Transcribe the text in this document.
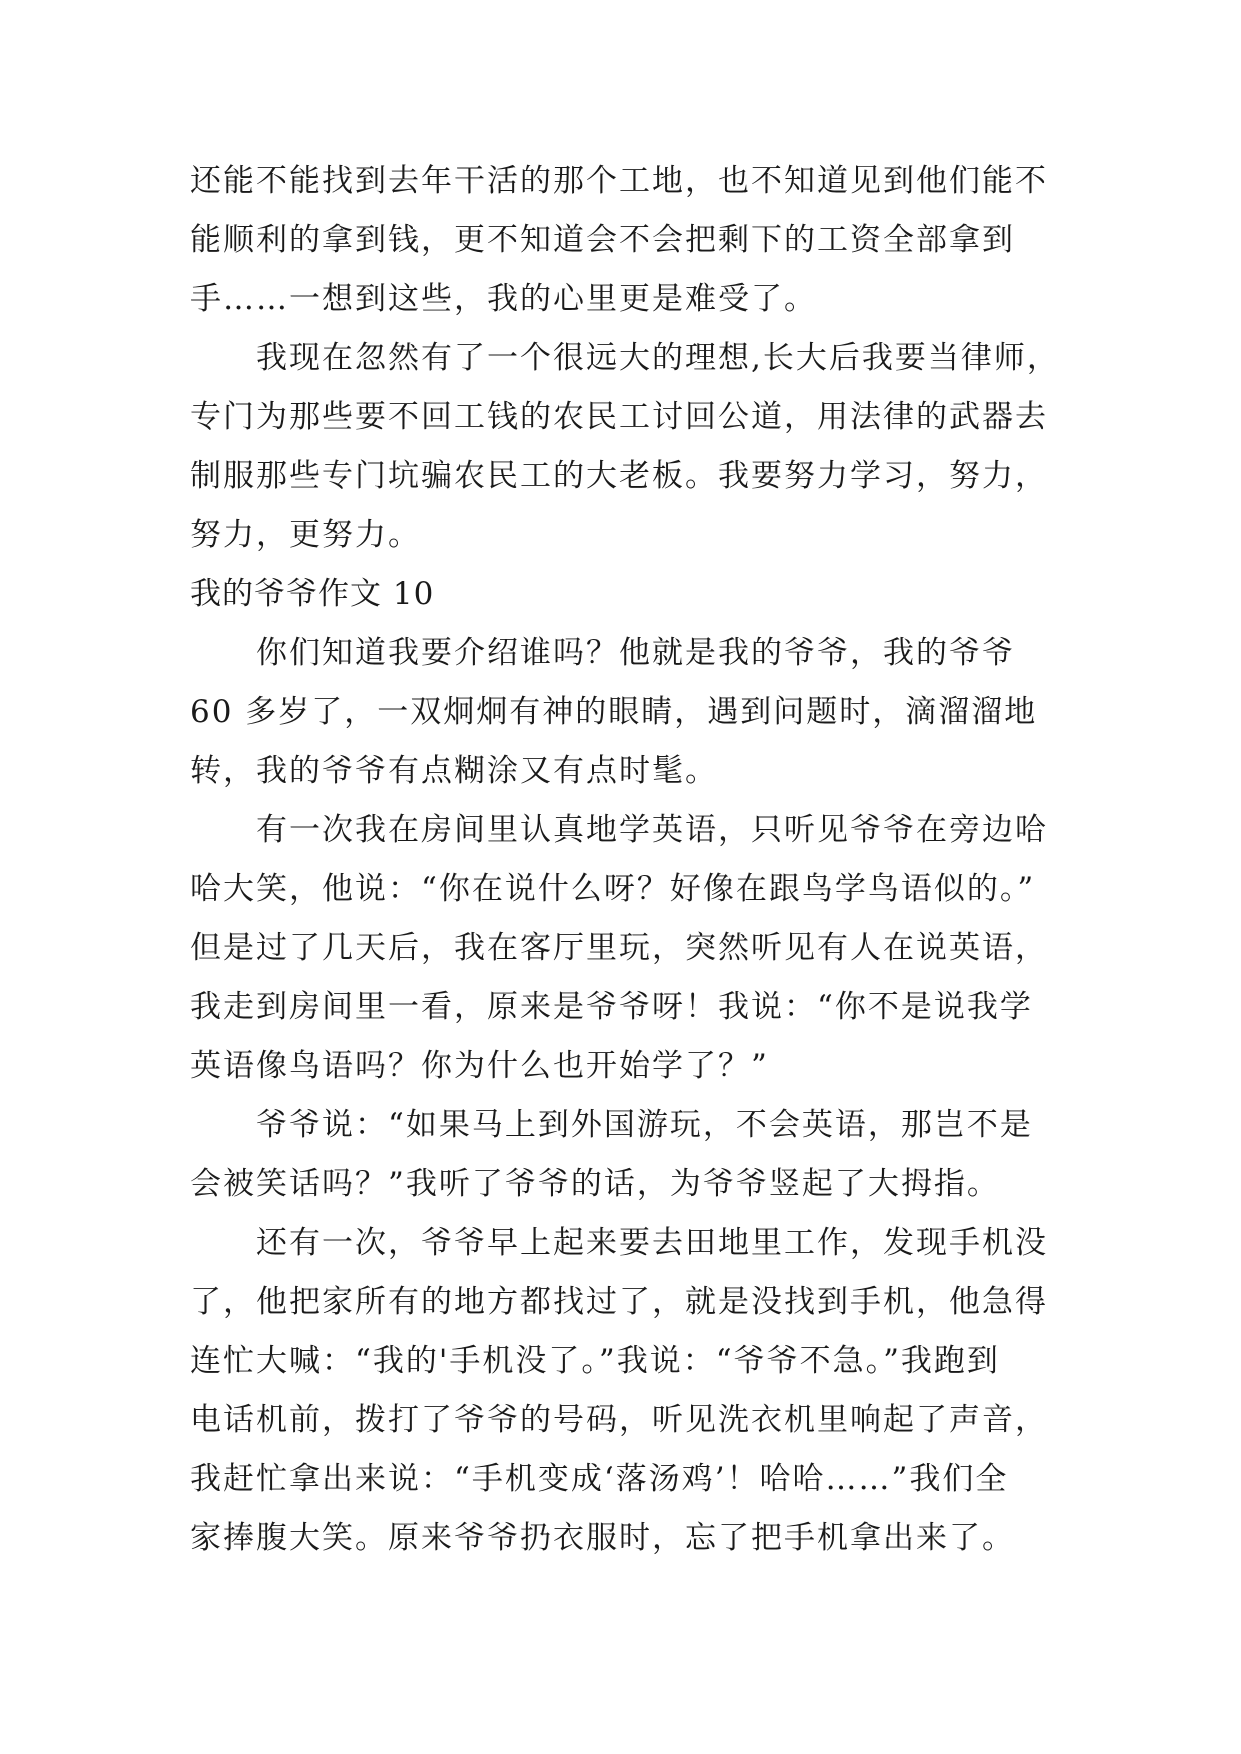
还能不能找到去年干活的那个工地，也不知道见到他们能不
能顺利的拿到钱，更不知道会不会把剩下的工资全部拿到
手……一想到这些，我的心里更是难受了。
我现在忽然有了一个很远大的理想,长大后我要当律师，
专门为那些要不回工钱的农民工讨回公道，用法律的武器去
制服那些专门坑骗农民工的大老板。我要努力学习，努力，
努力，更努力。
我的爷爷作文 10
你们知道我要介绍谁吗？他就是我的爷爷，我的爷爷
60 多岁了，一双炯炯有神的眼睛，遇到问题时，滴溜溜地
转，我的爷爷有点糊涂又有点时髦。
有一次我在房间里认真地学英语，只听见爷爷在旁边哈
哈大笑，他说：“你在说什么呀？好像在跟鸟学鸟语似的。”
但是过了几天后，我在客厅里玩，突然听见有人在说英语，
我走到房间里一看，原来是爷爷呀！我说：“你不是说我学
英语像鸟语吗？你为什么也开始学了？”
爷爷说：“如果马上到外国游玩，不会英语，那岂不是
会被笑话吗？”我听了爷爷的话，为爷爷竖起了大拇指。
还有一次，爷爷早上起来要去田地里工作，发现手机没
了，他把家所有的地方都找过了，就是没找到手机，他急得
连忙大喊：“我的'手机没了。”我说：“爷爷不急。”我跑到
电话机前，拨打了爷爷的号码，听见洗衣机里响起了声音，
我赶忙拿出来说：“手机变成‘落汤鸡’！哈哈……”我们全
家捧腹大笑。原来爷爷扔衣服时，忘了把手机拿出来了。
